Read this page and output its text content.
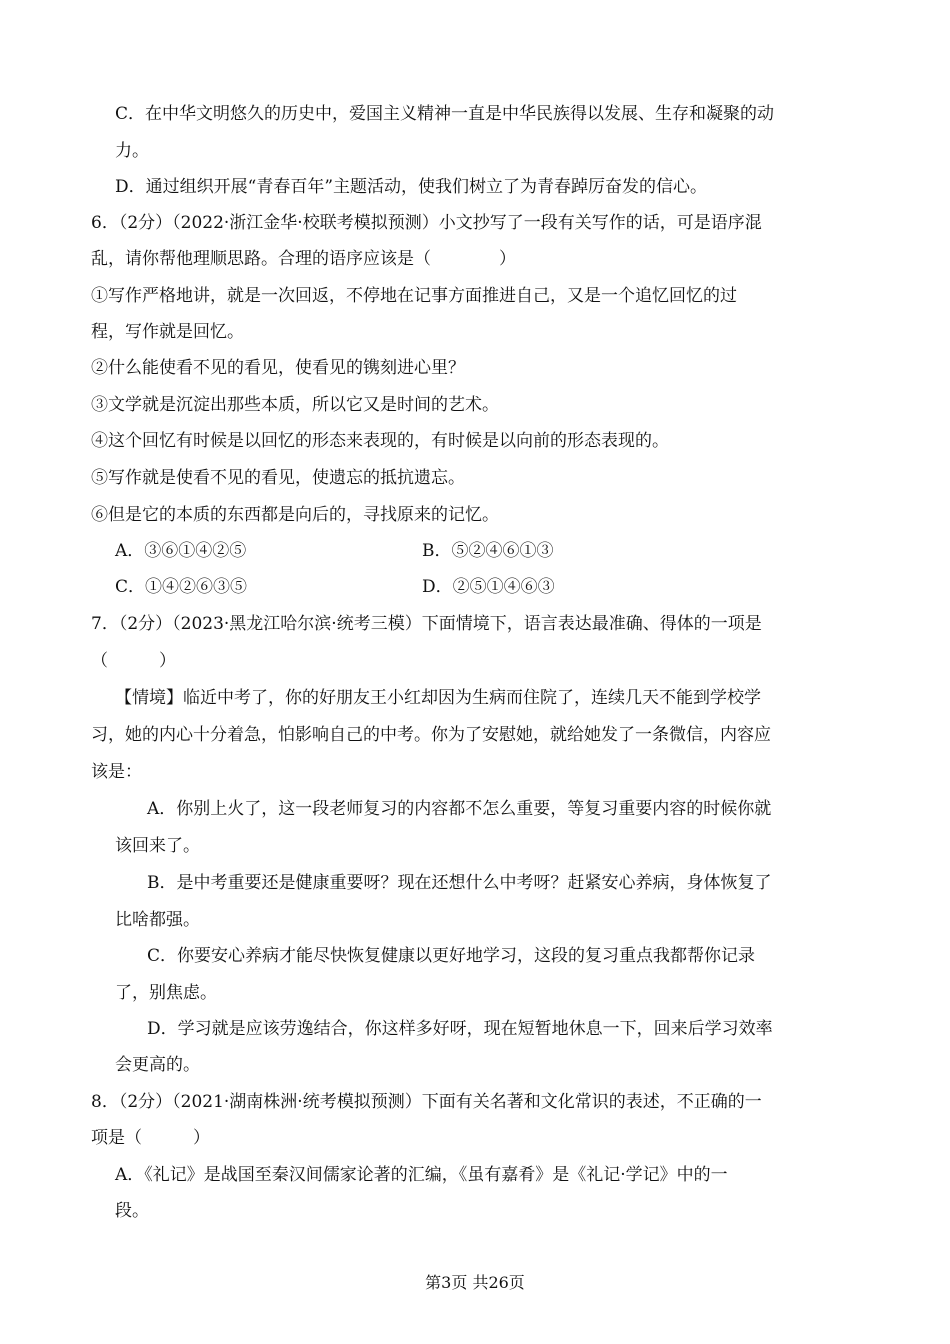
C．在中华文明悠久的历史中，爱国主义精神一直是中华民族得以发展、生存和凝聚的动
力。
D．通过组织开展“青春百年”主题活动，使我们树立了为青春踔厉奋发的信心。
6．（2分）（2022·浙江金华·校联考模拟预测）小文抄写了一段有关写作的话，可是语序混
乱，请你帮他理顺思路。合理的语序应该是（　　　　）
①写作严格地讲，就是一次回返，不停地在记事方面推进自己，又是一个追忆回忆的过
程，写作就是回忆。
②什么能使看不见的看见，使看见的镌刻进心里？
③文学就是沉淀出那些本质，所以它又是时间的艺术。
④这个回忆有时候是以回忆的形态来表现的，有时候是以向前的形态表现的。
⑤写作就是使看不见的看见，使遗忘的抵抗遗忘。
⑥但是它的本质的东西都是向后的，寻找原来的记忆。
A．③⑥①④②⑤	B．⑤②④⑥①③
C．①④②⑥③⑤	D．②⑤①④⑥③
7．（2分）（2023·黑龙江哈尔滨·统考三模）下面情境下，语言表达最准确、得体的一项是
（　　　）
【情境】临近中考了，你的好朋友王小红却因为生病而住院了，连续几天不能到学校学
习，她的内心十分着急，怕影响自己的中考。你为了安慰她，就给她发了一条微信，内容应
该是：
A．你别上火了，这一段老师复习的内容都不怎么重要，等复习重要内容的时候你就
该回来了。
B．是中考重要还是健康重要呀？现在还想什么中考呀？赶紧安心养病，身体恢复了
比啥都强。
C．你要安心养病才能尽快恢复健康以更好地学习，这段的复习重点我都帮你记录
了，别焦虑。
D．学习就是应该劳逸结合，你这样多好呀，现在短暂地休息一下，回来后学习效率
会更高的。
8．（2分）（2021·湖南株洲·统考模拟预测）下面有关名著和文化常识的表述，不正确的一
项是（　　　）
A．《礼记》是战国至秦汉间儒家论著的汇编，《虽有嘉肴》是《礼记·学记》中的一
段。
第3页 共26页
